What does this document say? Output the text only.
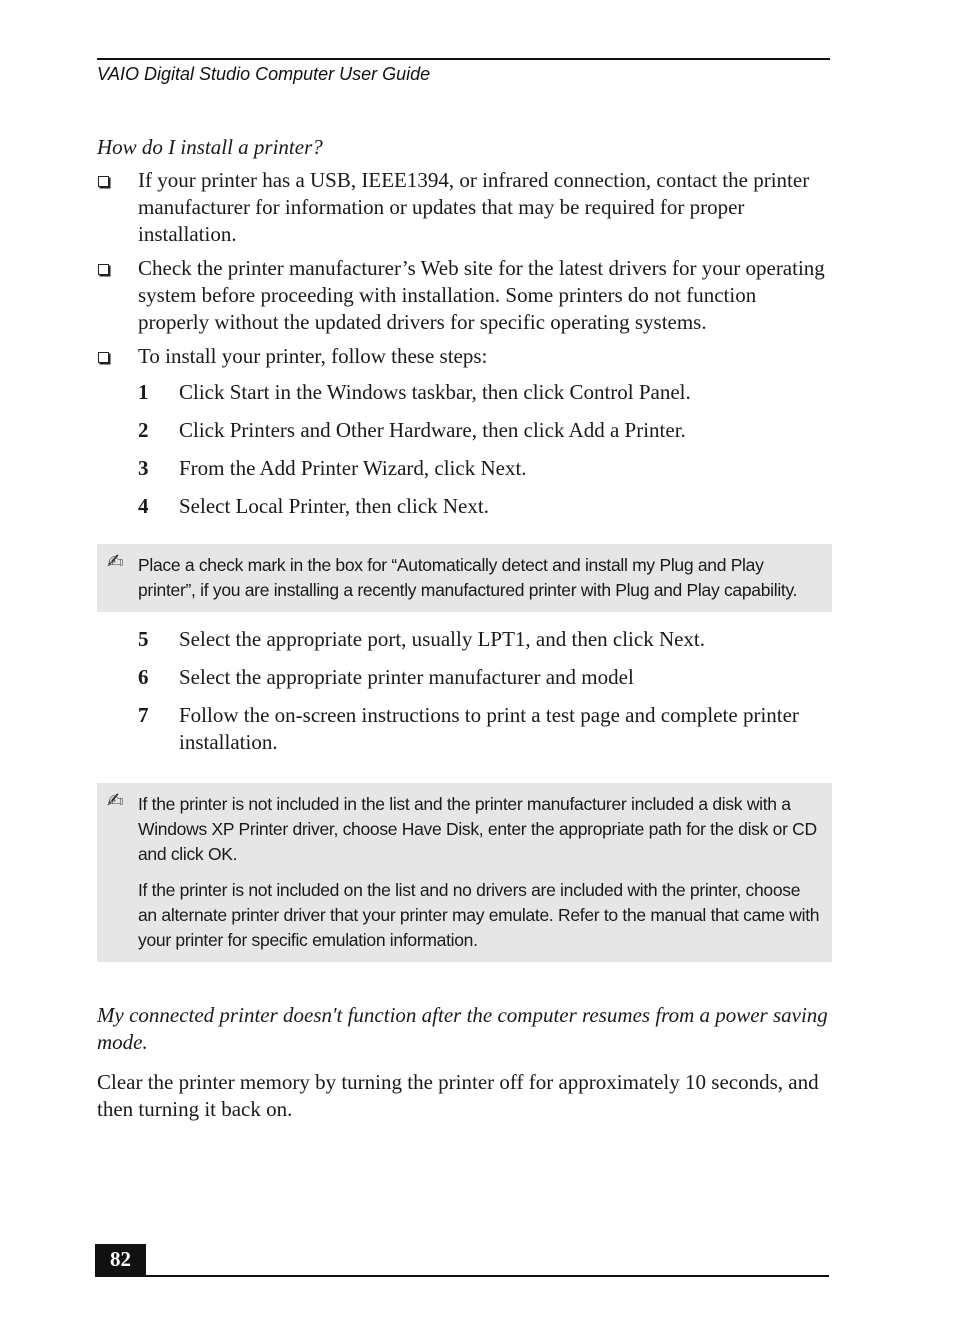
VAIO Digital Studio Computer User Guide

How do I install a printer?

If your printer has a USB, IEEE1394, or infrared connection, contact the printer manufacturer for information or updates that may be required for proper installation.
Check the printer manufacturer’s Web site for the latest drivers for your operating system before proceeding with installation. Some printers do not function properly without the updated drivers for specific operating systems.
To install your printer, follow these steps:
1 Click Start in the Windows taskbar, then click Control Panel.
2 Click Printers and Other Hardware, then click Add a Printer.
3 From the Add Printer Wizard, click Next.
4 Select Local Printer, then click Next.
✍ Place a check mark in the box for “Automatically detect and install my Plug and Play printer”, if you are installing a recently manufactured printer with Plug and Play capability.

5 Select the appropriate port, usually LPT1, and then click Next.
6 Select the appropriate printer manufacturer and model
7 Follow the on-screen instructions to print a test page and complete printer installation.
✍ If the printer is not included in the list and the printer manufacturer included a disk with a Windows XP Printer driver, choose Have Disk, enter the appropriate path for the disk or CD and click OK.

If the printer is not included on the list and no drivers are included with the printer, choose an alternate printer driver that your printer may emulate. Refer to the manual that came with your printer for specific emulation information.

My connected printer doesn't function after the computer resumes from a power saving mode.

Clear the printer memory by turning the printer off for approximately 10 seconds, and then turning it back on.

82
